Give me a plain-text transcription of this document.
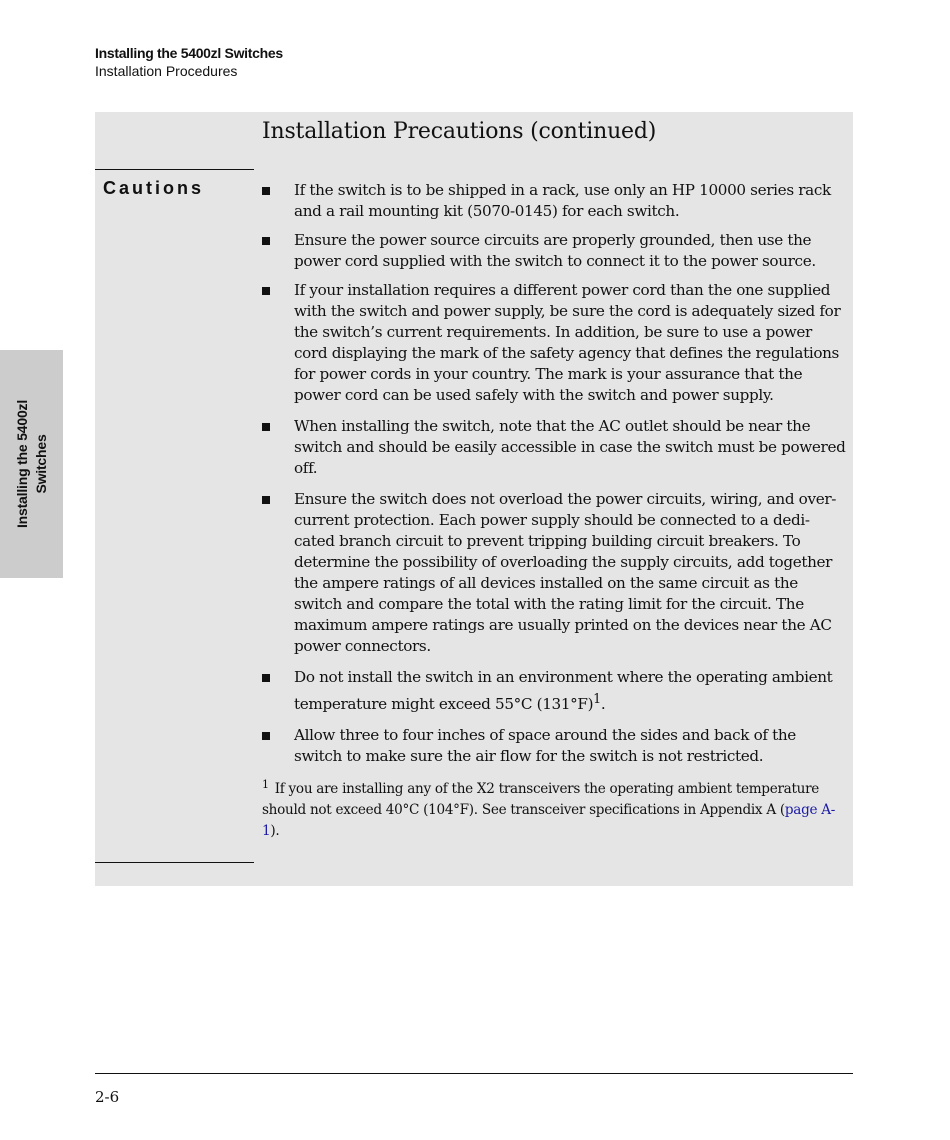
Installing the 5400zl Switches
Installation Procedures
Installing the 5400zl Switches
Installation Precautions (continued)
Cautions	If the switch is to be shipped in a rack, use only an HP 10000 series rack and a rail mounting kit (5070-0145) for each switch.
Ensure the power source circuits are properly grounded, then use the power cord supplied with the switch to connect it to the power source.
If your installation requires a different power cord than the one supplied with the switch and power supply, be sure the cord is adequately sized for the switch’s current requirements. In addition, be sure to use a power cord displaying the mark of the safety agency that defines the regulations for power cords in your country. The mark is your assurance that the power cord can be used safely with the switch and power supply.
When installing the switch, note that the AC outlet should be near the switch and should be easily accessible in case the switch must be powered off.
Ensure the switch does not overload the power circuits, wiring, and over-current protection. Each power supply should be connected to a dedi-cated branch circuit to prevent tripping building circuit breakers. To determine the possibility of overloading the supply circuits, add together the ampere ratings of all devices installed on the same circuit as the switch and compare the total with the rating limit for the circuit. The maximum ampere ratings are usually printed on the devices near the AC power connectors.
Do not install the switch in an environment where the operating ambient temperature might exceed 55°C $(131^\circ F)^1$.
Allow three to four inches of space around the sides and back of the switch to make sure the air flow for the switch is not restricted.
$^1$ If you are installing any of the X2 transceivers the operating ambient temperature should not exceed 40°C (104°F). See transceiver specifications in Appendix A (page A-1).
2-6
